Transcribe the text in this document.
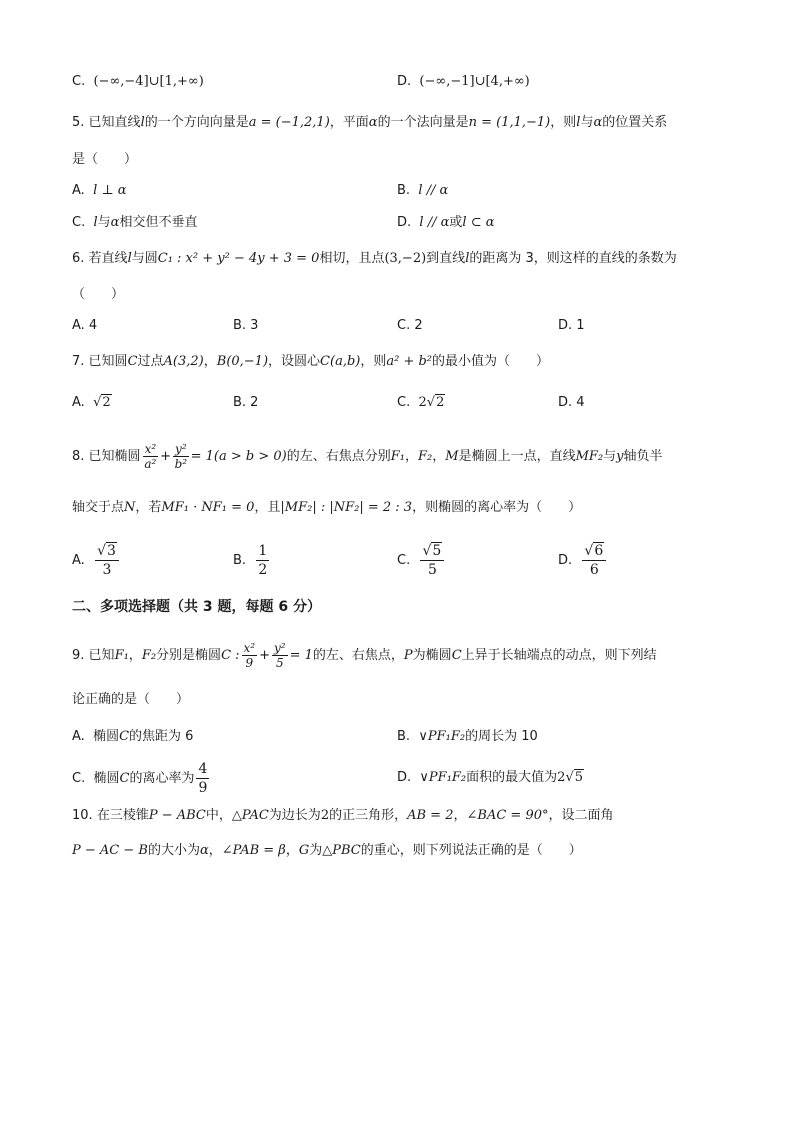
C. (−∞,−4]∪[1,+∞)	D. (−∞,−1]∪[4,+∞)
5. 已知直线l的一个方向向量是a = (−1,2,1)，平面α的一个法向量是n = (1,1,−1)，则l与α的位置关系
是（　　）
A. l ⊥ α	B. l // α
C. l与α相交但不垂直	D. l // α或l ⊂ α
6. 若直线l与圆C₁ : x² + y² − 4y + 3 = 0相切，且点(3,−2)到直线l的距离为 3，则这样的直线的条数为
（　　）
A. 4	B. 3	C. 2	D. 1
7. 已知圆C过点A(3,2)，B(0,−1)，设圆心C(a,b)，则a² + b²的最小值为（　　）
A. √2	B. 2	C. 2√2	D. 4
8. 已知椭圆 $\frac{\text{x²}}{\text{a²}} + \frac{\text{y²}}{\text{b²}} = 1(a > b > 0)$的左、右焦点分别F₁，F₂，M是椭圆上一点，直线MF₂与y轴负半
轴交于点N，若MF₁ · NF₁ = 0，且|MF₂| : |NF₂| = 2 : 3，则椭圆的离心率为（　　）
A. $\frac{√3}{3}$	B. $\frac{1}{2}$	C. $\frac{√5}{5}$	D. $\frac{√6}{6}$
二、多项选择题（共 3 题，每题 6 分）
9. 已知F₁，F₂分别是椭圆C : $\frac{\text{x²}}{9} + \frac{\text{y²}}{5} = 1$的左、右焦点，P为椭圆C上异于长轴端点的动点，则下列结
论正确的是（　　）
A. 椭圆C的焦距为 6	B. ∨PF₁F₂的周长为 10
C. 椭圆C的离心率为 $\frac{4}{9}$	D. ∨PF₁F₂面积的最大值为2√5
10. 在三棱锥P − ABC中，△PAC为边长为2的正三角形，AB = 2，∠BAC = 90°，设二面角
P − AC − B的大小为α，∠PAB = β，G为△PBC的重心，则下列说法正确的是（　　）
